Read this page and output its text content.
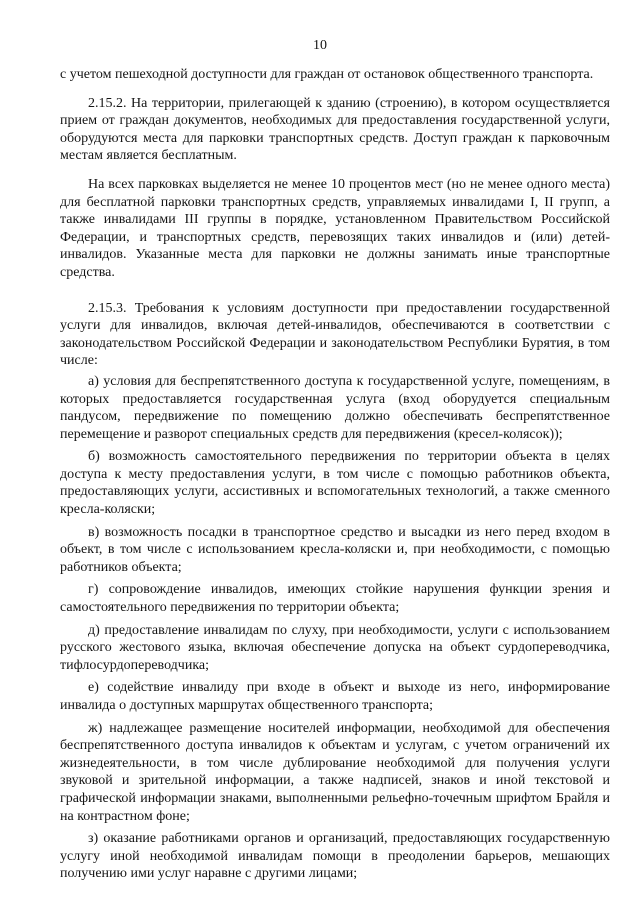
10

с учетом пешеходной доступности для граждан от остановок общественного транспорта.

2.15.2. На территории, прилегающей к зданию (строению), в котором осуществляется прием от граждан документов, необходимых для предоставления государственной услуги, оборудуются места для парковки транспортных средств. Доступ граждан к парковочным местам является бесплатным.

На всех парковках выделяется не менее 10 процентов мест (но не менее одного места) для бесплатной парковки транспортных средств, управляемых инвалидами I, II групп, а также инвалидами III группы в порядке, установленном Правительством Российской Федерации, и транспортных средств, перевозящих таких инвалидов и (или) детей-инвалидов. Указанные места для парковки не должны занимать иные транспортные средства.

2.15.3. Требования к условиям доступности при предоставлении государственной услуги для инвалидов, включая детей-инвалидов, обеспечиваются в соответствии с законодательством Российской Федерации и законодательством Республики Бурятия, в том числе:

а) условия для беспрепятственного доступа к государственной услуге, помещениям, в которых предоставляется государственная услуга (вход оборудуется специальным пандусом, передвижение по помещению должно обеспечивать беспрепятственное перемещение и разворот специальных средств для передвижения (кресел-колясок));

б) возможность самостоятельного передвижения по территории объекта в целях доступа к месту предоставления услуги, в том числе с помощью работников объекта, предоставляющих услуги, ассистивных и вспомогательных технологий, а также сменного кресла-коляски;

в) возможность посадки в транспортное средство и высадки из него перед входом в объект, в том числе с использованием кресла-коляски и, при необходимости, с помощью работников объекта;

г) сопровождение инвалидов, имеющих стойкие нарушения функции зрения и самостоятельного передвижения по территории объекта;

д) предоставление инвалидам по слуху, при необходимости, услуги с использованием русского жестового языка, включая обеспечение допуска на объект сурдопереводчика, тифлосурдопереводчика;

е) содействие инвалиду при входе в объект и выходе из него, информирование инвалида о доступных маршрутах общественного транспорта;

ж) надлежащее размещение носителей информации, необходимой для обеспечения беспрепятственного доступа инвалидов к объектам и услугам, с учетом ограничений их жизнедеятельности, в том числе дублирование необходимой для получения услуги звуковой и зрительной информации, а также надписей, знаков и иной текстовой и графической информации знаками, выполненными рельефно-точечным шрифтом Брайля и на контрастном фоне;

з) оказание работниками органов и организаций, предоставляющих государственную услугу иной необходимой инвалидам помощи в преодолении барьеров, мешающих получению ими услуг наравне с другими лицами;
